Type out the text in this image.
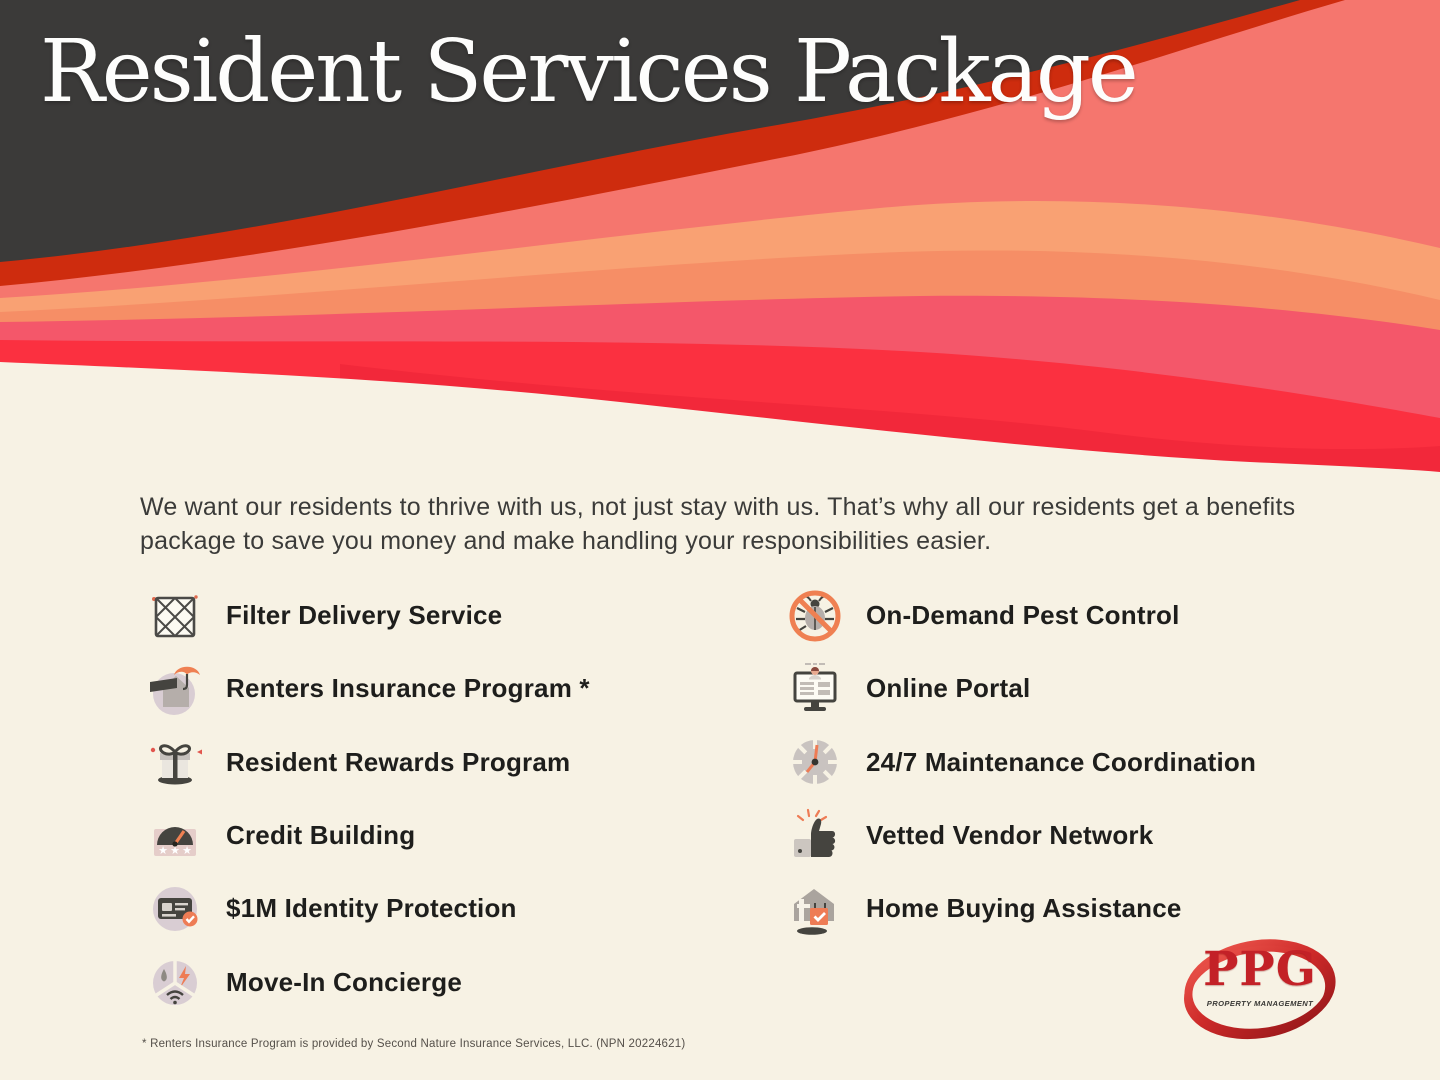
Resident Services Package

We want our residents to thrive with us, not just stay with us. That’s why all our residents get a benefits package to save you money and make handling your responsibilities easier.

Filter Delivery Service
Renters Insurance Program *
Resident Rewards Program
★ ★ ★ Credit Building
$1M Identity Protection
Move-In Concierge
On-Demand Pest Control
Online Portal
24/7 Maintenance Coordination
Vetted Vendor Network
Home Buying Assistance

* Renters Insurance Program is provided by Second Nature Insurance Services, LLC. (NPN 20224621)

PPG
PROPERTY MANAGEMENT
